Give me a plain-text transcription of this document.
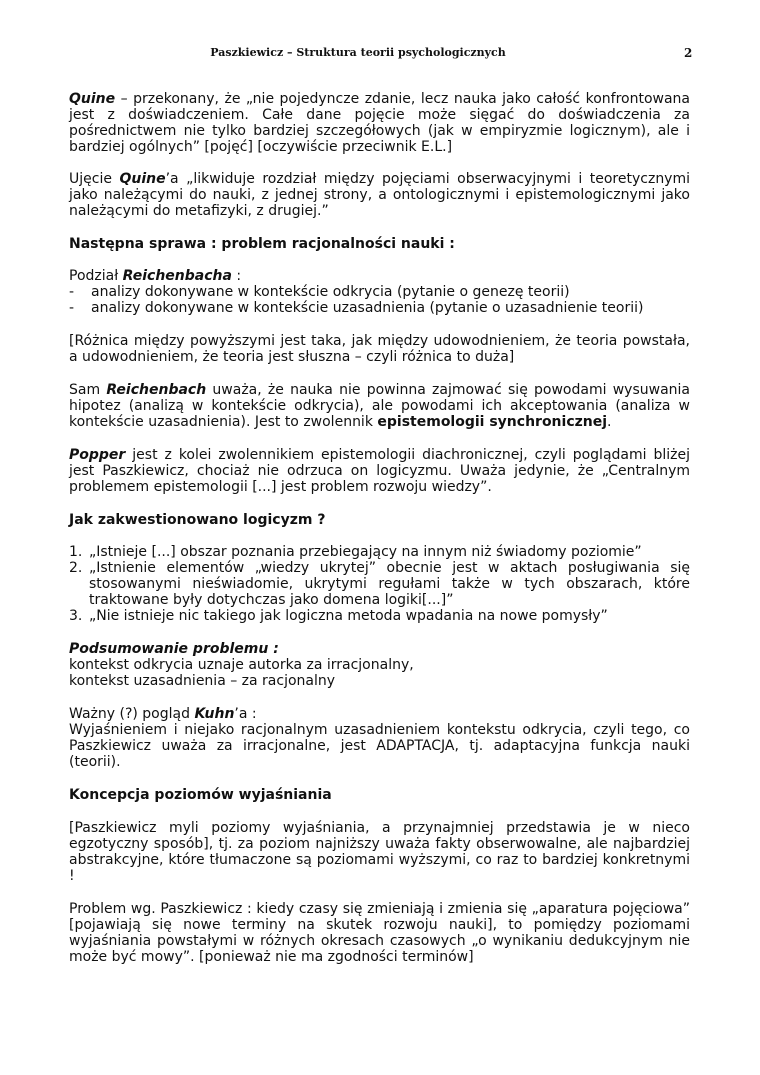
Paszkiewicz – Struktura teorii psychologicznych	2

Quine – przekonany, że „nie pojedyncze zdanie, lecz nauka jako całość konfrontowana jest z doświadczeniem. Całe dane pojęcie może sięgać do doświadczenia za pośrednictwem nie tylko bardziej szczegółowych (jak w empiryzmie logicznym), ale i bardziej ogólnych” [pojęć] [oczywiście przeciwnik E.L.]

Ujęcie Quine’a „likwiduje rozdział między pojęciami obserwacyjnymi i teoretycznymi jako należącymi do nauki, z jednej strony, a ontologicznymi i epistemologicznymi jako należącymi do metafizyki, z drugiej.”

Następna sprawa : problem racjonalności nauki :

Podział Reichenbacha :

- analizy dokonywane w kontekście odkrycia (pytanie o genezę teorii)
- analizy dokonywane w kontekście uzasadnienia (pytanie o uzasadnienie teorii)

[Różnica między powyższymi jest taka, jak między udowodnieniem, że teoria powstała, a udowodnieniem, że teoria jest słuszna – czyli różnica to duża]

Sam Reichenbach uważa, że nauka nie powinna zajmować się powodami wysuwania hipotez (analizą w kontekście odkrycia), ale powodami ich akceptowania (analiza w kontekście uzasadnienia). Jest to zwolennik epistemologii synchronicznej.

Popper jest z kolei zwolennikiem epistemologii diachronicznej, czyli poglądami bliżej jest Paszkiewicz, chociaż nie odrzuca on logicyzmu. Uważa jedynie, że „Centralnym problemem epistemologii [...] jest problem rozwoju wiedzy”.

Jak zakwestionowano logicyzm ?

1. „Istnieje [...] obszar poznania przebiegający na innym niż świadomy poziomie”
2. „Istnienie elementów „wiedzy ukrytej” obecnie jest w aktach posługiwania się stosowanymi nieświadomie, ukrytymi regułami także w tych obszarach, które traktowane były dotychczas jako domena logiki[...]”
3. „Nie istnieje nic takiego jak logiczna metoda wpadania na nowe pomysły”

Podsumowanie problemu :

kontekst odkrycia uznaje autorka za irracjonalny,

kontekst uzasadnienia – za racjonalny

Ważny (?) pogląd Kuhn’a :

Wyjaśnieniem i niejako racjonalnym uzasadnieniem kontekstu odkrycia, czyli tego, co Paszkiewicz uważa za irracjonalne, jest ADAPTACJA, tj. adaptacyjna funkcja nauki (teorii).

Koncepcja poziomów wyjaśniania

[Paszkiewicz myli poziomy wyjaśniania, a przynajmniej przedstawia je w nieco egzotyczny sposób], tj. za poziom najniższy uważa fakty obserwowalne, ale najbardziej abstrakcyjne, które tłumaczone są poziomami wyższymi, co raz to bardziej konkretnymi !

Problem wg. Paszkiewicz : kiedy czasy się zmieniają i zmienia się „aparatura pojęciowa” [pojawiają się nowe terminy na skutek rozwoju nauki], to pomiędzy poziomami wyjaśniania powstałymi w różnych okresach czasowych „o wynikaniu dedukcyjnym nie może być mowy”. [ponieważ nie ma zgodności terminów]
